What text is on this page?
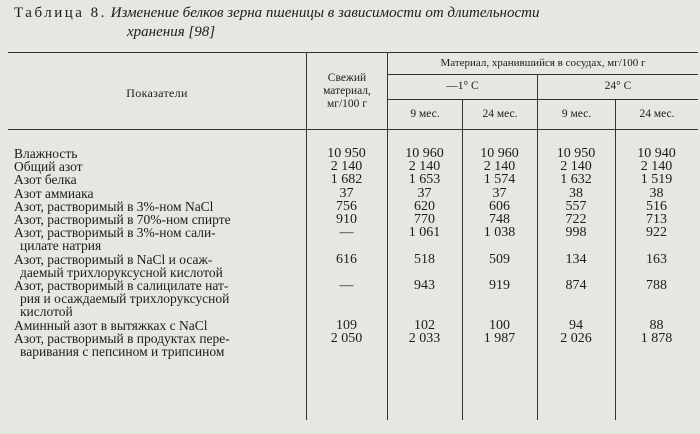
Таблица 8. Изменение белков зерна пшеницы в зависимости от длительности
хранения [98]
Показатели
Свежий
материал,
мг/100 г
Материал, хранившийся в сосудах, мг/100 г
—1° С	24° С
9 мес.	24 мес.	9 мес.	24 мес.
Влажность	10 950	10 960	10 960	10 950	10 940

Общий азот	2 140	2 140	2 140	2 140	2 140

Азот белка	1 682	1 653	1 574	1 632	1 519

Азот аммиака	37	37	37	38	38

Азот, растворимый в 3%-ном NaCl	756	620	606	557	516

Азот, растворимый в 70%-ном спирте	910	770	748	722	713

Азот, растворимый в 3%-ном сали-
цилате натрия	—	1 061	1 038	998	922

Азот, растворимый в NaCl и осаж-
даемый трихлоруксусной кислотой	616	518	509	134	163

Азот, растворимый в салицилате нат-
рия и осаждаемый трихлоруксусной
кислотой	—	943	919	874	788

Аминный азот в вытяжках с NaCl	109	102	100	94	88

Азот, растворимый в продуктах перe-
варивания с пепсином и трипсином	2 050	2 033	1 987	2 026	1 878
